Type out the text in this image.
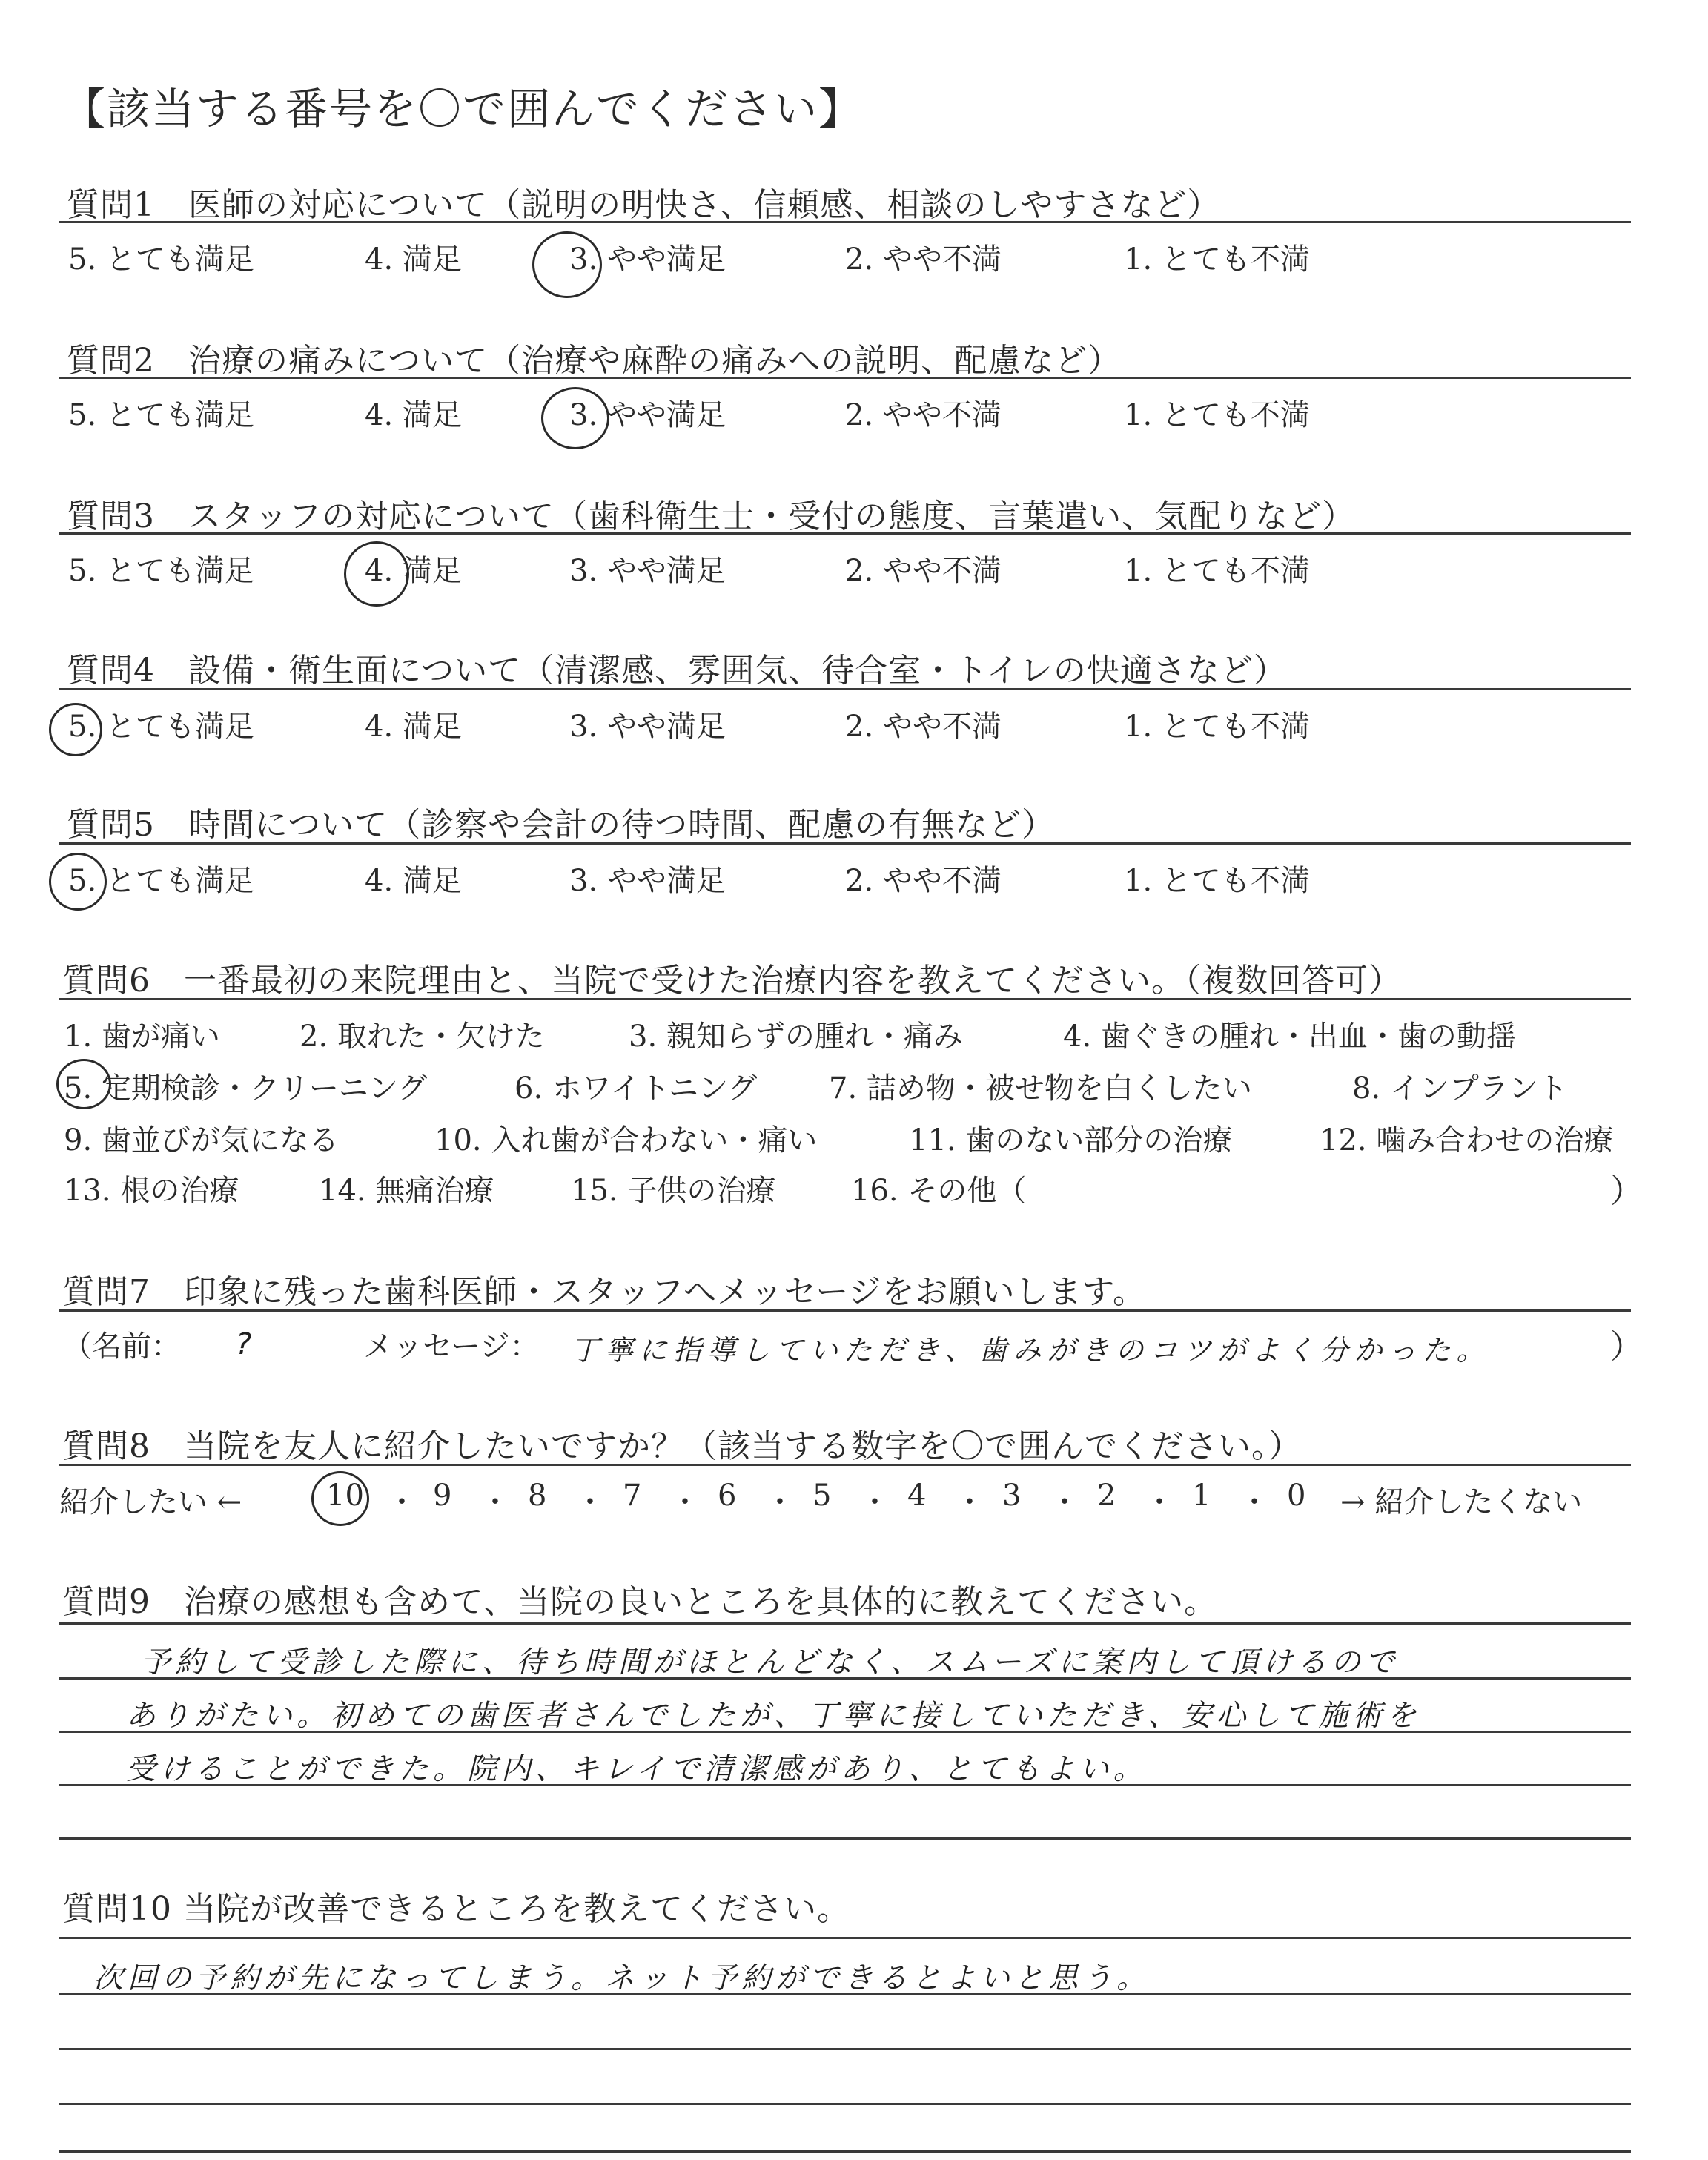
【該当する番号を〇で囲んでください】
質問1　医師の対応について（説明の明快さ、信頼感、相談のしやすさなど）
5. とても満足	4. 満足	3. やや満足	2. やや不満	1. とても不満
質問2　治療の痛みについて（治療や麻酔の痛みへの説明、配慮など）
5. とても満足	4. 満足	3. やや満足	2. やや不満	1. とても不満
質問3　スタッフの対応について（歯科衛生士・受付の態度、言葉遣い、気配りなど）
5. とても満足	4. 満足	3. やや満足	2. やや不満	1. とても不満
質問4　設備・衛生面について（清潔感、雰囲気、待合室・トイレの快適さなど）
5. とても満足	4. 満足	3. やや満足	2. やや不満	1. とても不満
質問5　時間について（診察や会計の待つ時間、配慮の有無など）
5. とても満足	4. 満足	3. やや満足	2. やや不満	1. とても不満
質問6　一番最初の来院理由と、当院で受けた治療内容を教えてください。（複数回答可）
1. 歯が痛い	2. 取れた・欠けた	3. 親知らずの腫れ・痛み	4. 歯ぐきの腫れ・出血・歯の動揺
5. 定期検診・クリーニング	6. ホワイトニング 7. 詰め物・被せ物を白くしたい	8. インプラント
9. 歯並びが気になる	10. 入れ歯が合わない・痛い	11. 歯のない部分の治療	12. 噛み合わせの治療
13. 根の治療	14. 無痛治療	15. 子供の治療	16. その他（	）
質問7　印象に残った歯科医師・スタッフへメッセージをお願いします。
（名前： ?	メッセージ： 丁寧に指導していただき、歯みがきのコツがよく分かった。	）
質問8　当院を友人に紹介したいですか？（該当する数字を〇で囲んでください。）
紹介したい ←	10 ・ 9 ・ 8 ・ 7 ・ 6 ・ 5 ・ 4 ・ 3 ・ 2 ・ 1 ・ 0 → 紹介したくない
質問9　治療の感想も含めて、当院の良いところを具体的に教えてください。
予約して受診した際に、待ち時間がほとんどなく、スムーズに案内して頂けるので
ありがたい。初めての歯医者さんでしたが、丁寧に接していただき、安心して施術を
受けることができた。院内、キレイで清潔感があり、とてもよい。
質問10 当院が改善できるところを教えてください。
次回の予約が先になってしまう。ネット予約ができるとよいと思う。
